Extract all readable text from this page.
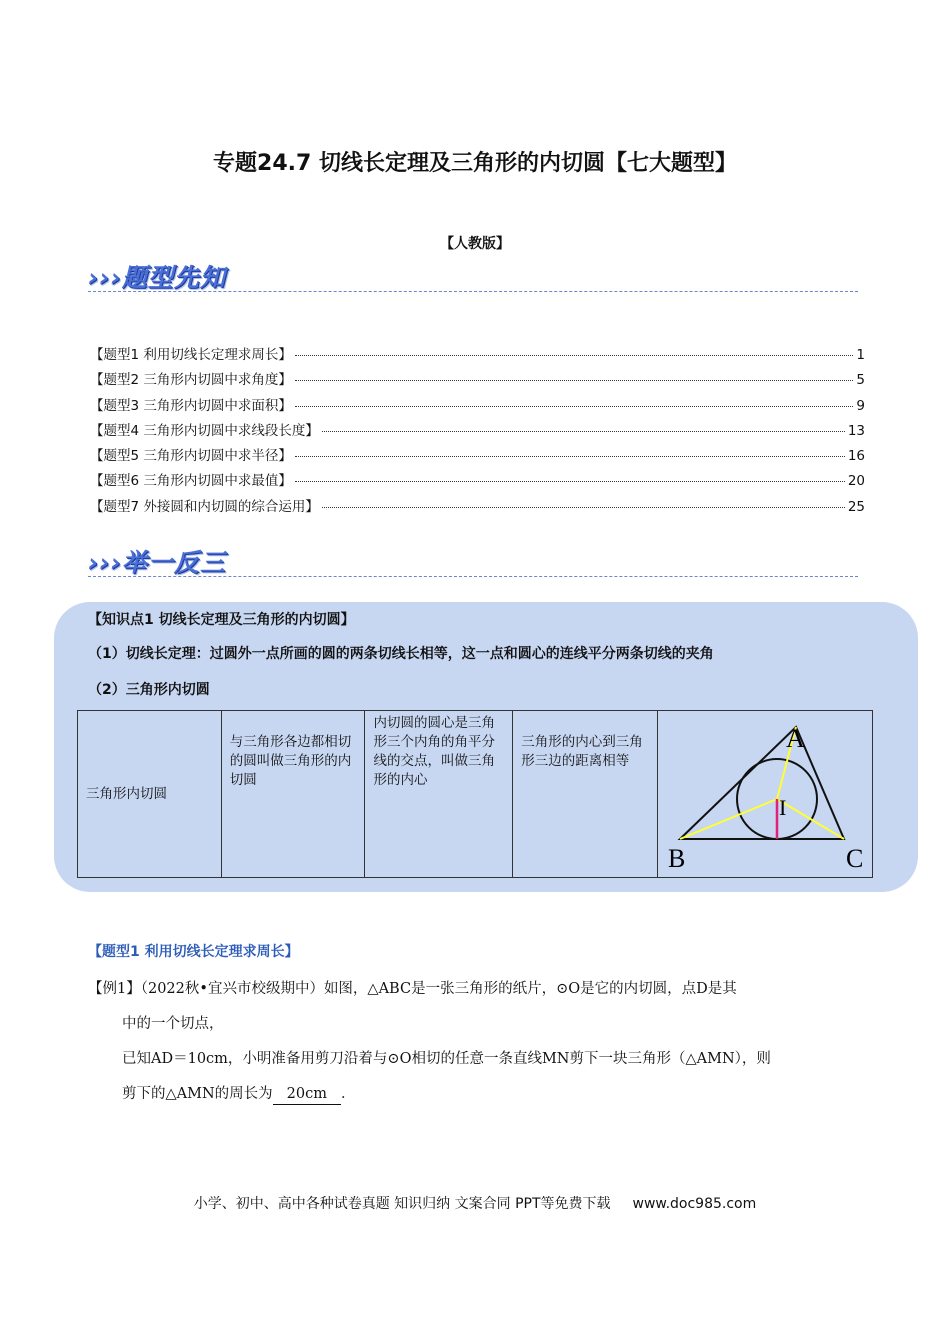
专题24.7 切线长定理及三角形的内切圆【七大题型】
【人教版】
›››题型先知
【题型1 利用切线长定理求周长】	1
【题型2 三角形内切圆中求角度】	5
【题型3 三角形内切圆中求面积】	9
【题型4 三角形内切圆中求线段长度】	13
【题型5 三角形内切圆中求半径】	16
【题型6 三角形内切圆中求最值】	20
【题型7 外接圆和内切圆的综合运用】	25
›››举一反三
【知识点1 切线长定理及三角形的内切圆】
（1）切线长定理：过圆外一点所画的圆的两条切线长相等，这一点和圆心的连线平分两条切线的夹角
（2）三角形内切圆
三角形内切圆	与三角形各边都相切的圆叫做三角形的内切圆	内切圆的圆心是三角形三个内角的角平分线的交点，叫做三角形的内心	三角形的内心到三角形三边的距离相等	
A
B	C
I
【题型1 利用切线长定理求周长】

【例1】（2022秋•宜兴市校级期中）如图，△ABC是一张三角形的纸片，⊙O是它的内切圆，点D是其

中的一个切点，

已知AD＝10cm，小明准备用剪刀沿着与⊙O相切的任意一条直线MN剪下一块三角形（△AMN），则

剪下的△AMN的周长为 20cm ．

小学、初中、高中各种试卷真题 知识归纳 文案合同 PPT等免费下载 www.doc985.com
